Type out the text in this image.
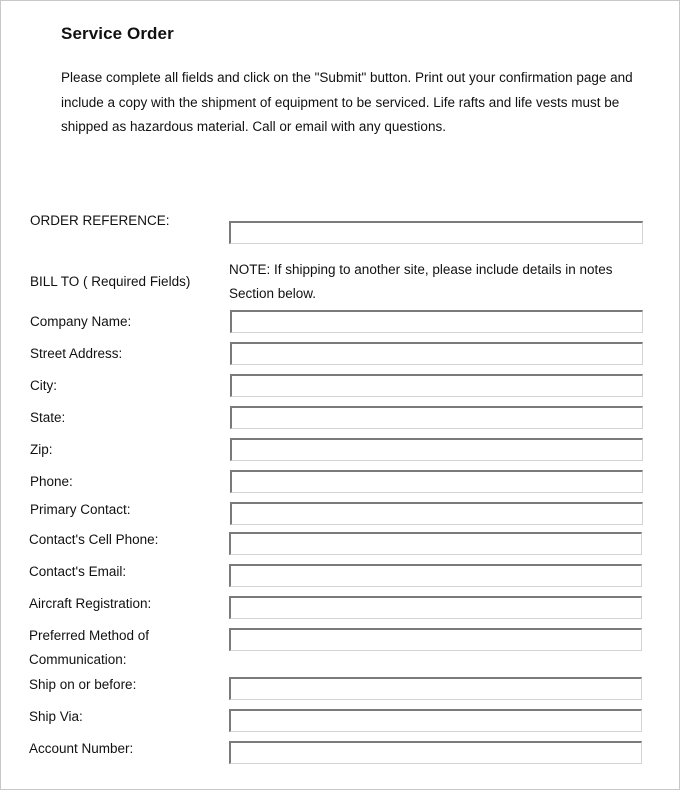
Service Order
Please complete all fields and click on the "Submit" button. Print out your confirmation page and include a copy with the shipment of equipment to be serviced. Life rafts and life vests must be shipped as hazardous material. Call or email with any questions.
ORDER REFERENCE:
BILL TO ( Required Fields)
NOTE: If shipping to another site, please include details in notes Section below.
Company Name:
Street Address:
City:
State:
Zip:
Phone:
Primary Contact:
Contact's Cell Phone:
Contact's Email:
Aircraft Registration:
Preferred Method of Communication:
Ship on or before:
Ship Via:
Account Number:
